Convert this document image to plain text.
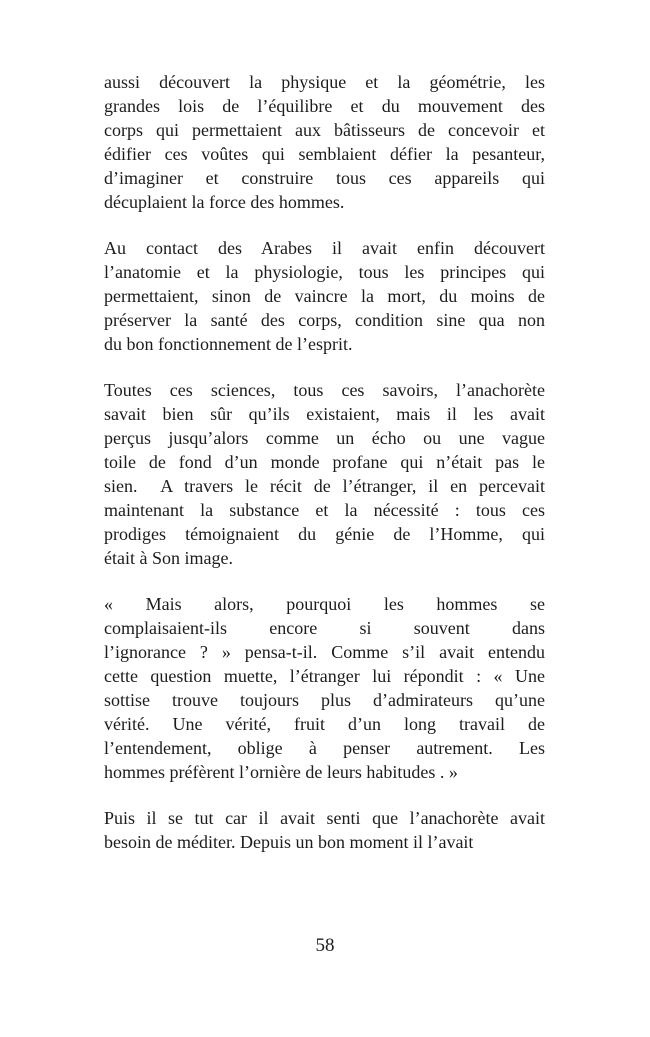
aussi découvert la physique et la géométrie, les
grandes lois de l’équilibre et du mouvement des
corps qui permettaient aux bâtisseurs de concevoir et
édifier ces voûtes qui semblaient défier la pesanteur,
d’imaginer et construire tous ces appareils qui
décuplaient la force des hommes.

Au contact des Arabes il avait enfin découvert
l’anatomie et la physiologie, tous les principes qui
permettaient, sinon de vaincre la mort, du moins de
préserver la santé des corps, condition sine qua non
du bon fonctionnement de l’esprit.

Toutes ces sciences, tous ces savoirs, l’anachorète
savait bien sûr qu’ils existaient, mais il les avait
perçus jusqu’alors comme un écho ou une vague
toile de fond d’un monde profane qui n’était pas le
sien.  A travers le récit de l’étranger, il en percevait
maintenant la substance et la nécessité : tous ces
prodiges témoignaient du génie de l’Homme, qui
était à Son image.

« Mais alors, pourquoi les hommes se
complaisaient-ils encore si souvent dans
l’ignorance ? » pensa-t-il. Comme s’il avait entendu
cette question muette, l’étranger lui répondit : « Une
sottise trouve toujours plus d’admirateurs qu’une
vérité. Une vérité, fruit d’un long travail de
l’entendement, oblige à penser autrement. Les
hommes préfèrent l’ornière de leurs habitudes . »

Puis il se tut car il avait senti que l’anachorète avait
besoin de méditer. Depuis un bon moment il l’avait

58
